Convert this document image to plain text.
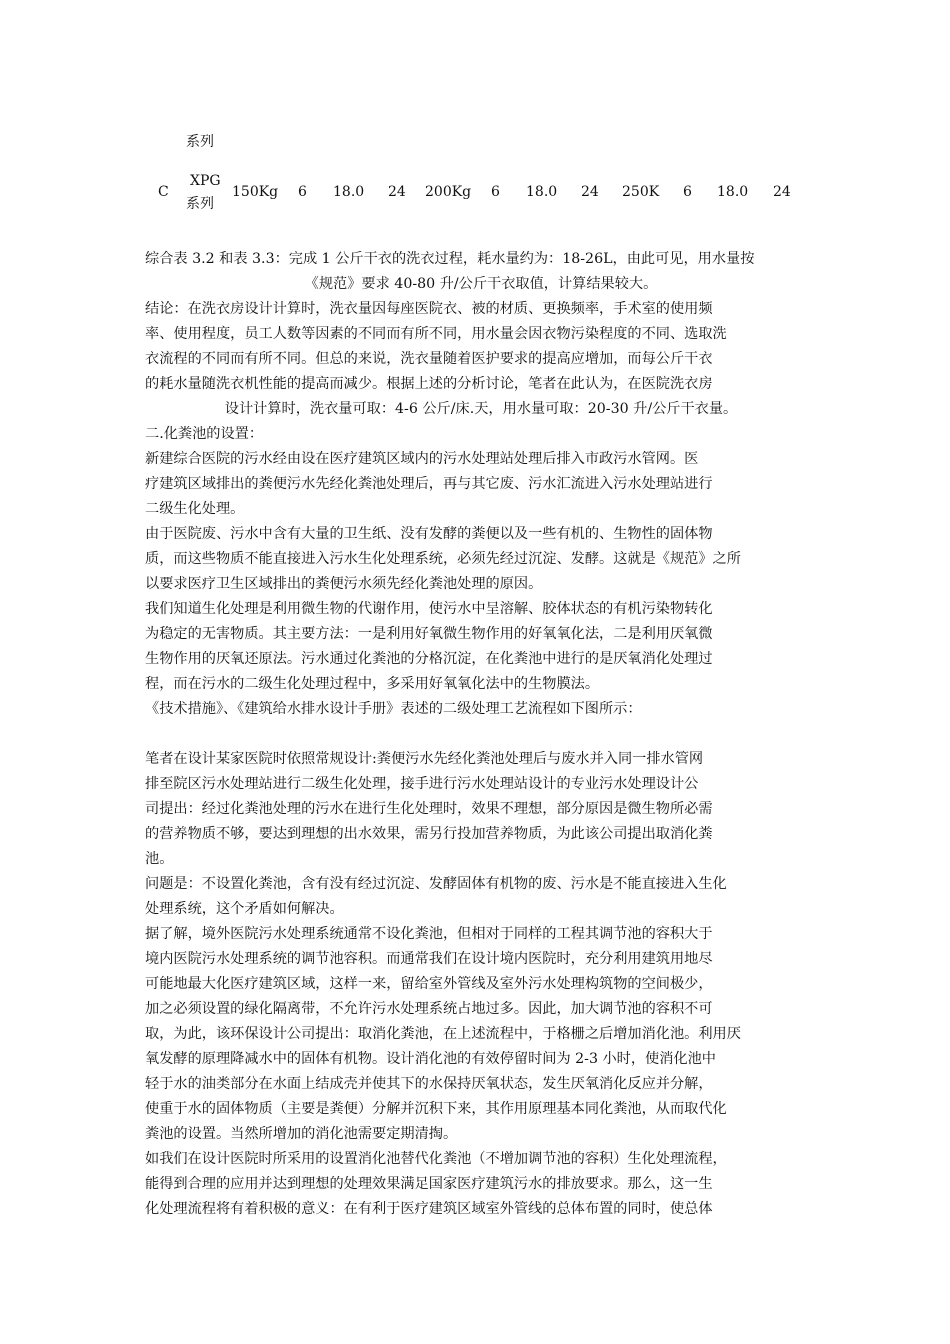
系列
C
XPG
系列
150Kg 6 18.0 24 200Kg 6 18.0 24 250K 6 18.0 24
综合表 3.2 和表 3.3：完成 1 公斤干衣的洗衣过程，耗水量约为：18-26L，由此可见，用水量按
《规范》要求 40-80 升/公斤干衣取值，计算结果较大。
结论：在洗衣房设计计算时，洗衣量因每座医院衣、被的材质、更换频率，手术室的使用频
率、使用程度，员工人数等因素的不同而有所不同，用水量会因衣物污染程度的不同、选取洗
衣流程的不同而有所不同。但总的来说，洗衣量随着医护要求的提高应增加，而每公斤干衣
的耗水量随洗衣机性能的提高而减少。根据上述的分析讨论，笔者在此认为，在医院洗衣房
设计计算时，洗衣量可取：4-6 公斤/床.天，用水量可取：20-30 升/公斤干衣量。
二.化粪池的设置：
新建综合医院的污水经由设在医疗建筑区域内的污水处理站处理后排入市政污水管网。医
疗建筑区域排出的粪便污水先经化粪池处理后，再与其它废、污水汇流进入污水处理站进行
二级生化处理。
由于医院废、污水中含有大量的卫生纸、没有发酵的粪便以及一些有机的、生物性的固体物
质，而这些物质不能直接进入污水生化处理系统，必须先经过沉淀、发酵。这就是《规范》之所
以要求医疗卫生区域排出的粪便污水须先经化粪池处理的原因。
我们知道生化处理是利用微生物的代谢作用，使污水中呈溶解、胶体状态的有机污染物转化
为稳定的无害物质。其主要方法：一是利用好氧微生物作用的好氧氧化法，二是利用厌氧微
生物作用的厌氧还原法。污水通过化粪池的分格沉淀，在化粪池中进行的是厌氧消化处理过
程，而在污水的二级生化处理过程中，多采用好氧氧化法中的生物膜法。
《技术措施》、《建筑给水排水设计手册》表述的二级处理工艺流程如下图所示：
笔者在设计某家医院时依照常规设计:粪便污水先经化粪池处理后与废水并入同一排水管网
排至院区污水处理站进行二级生化处理，接手进行污水处理站设计的专业污水处理设计公
司提出：经过化粪池处理的污水在进行生化处理时，效果不理想，部分原因是微生物所必需
的营养物质不够，要达到理想的出水效果，需另行投加营养物质，为此该公司提出取消化粪
池。
问题是：不设置化粪池，含有没有经过沉淀、发酵固体有机物的废、污水是不能直接进入生化
处理系统，这个矛盾如何解决。
据了解，境外医院污水处理系统通常不设化粪池，但相对于同样的工程其调节池的容积大于
境内医院污水处理系统的调节池容积。而通常我们在设计境内医院时，充分利用建筑用地尽
可能地最大化医疗建筑区域，这样一来，留给室外管线及室外污水处理构筑物的空间极少，
加之必须设置的绿化隔离带，不允许污水处理系统占地过多。因此，加大调节池的容积不可
取，为此，该环保设计公司提出：取消化粪池，在上述流程中，于格栅之后增加消化池。利用厌
氧发酵的原理降减水中的固体有机物。设计消化池的有效停留时间为 2-3 小时，使消化池中
轻于水的油类部分在水面上结成壳并使其下的水保持厌氧状态，发生厌氧消化反应并分解，
使重于水的固体物质（主要是粪便）分解并沉积下来，其作用原理基本同化粪池，从而取代化
粪池的设置。当然所增加的消化池需要定期清掏。
如我们在设计医院时所采用的设置消化池替代化粪池（不增加调节池的容积）生化处理流程，
能得到合理的应用并达到理想的处理效果满足国家医疗建筑污水的排放要求。那么，这一生
化处理流程将有着积极的意义：在有利于医疗建筑区域室外管线的总体布置的同时，使总体
